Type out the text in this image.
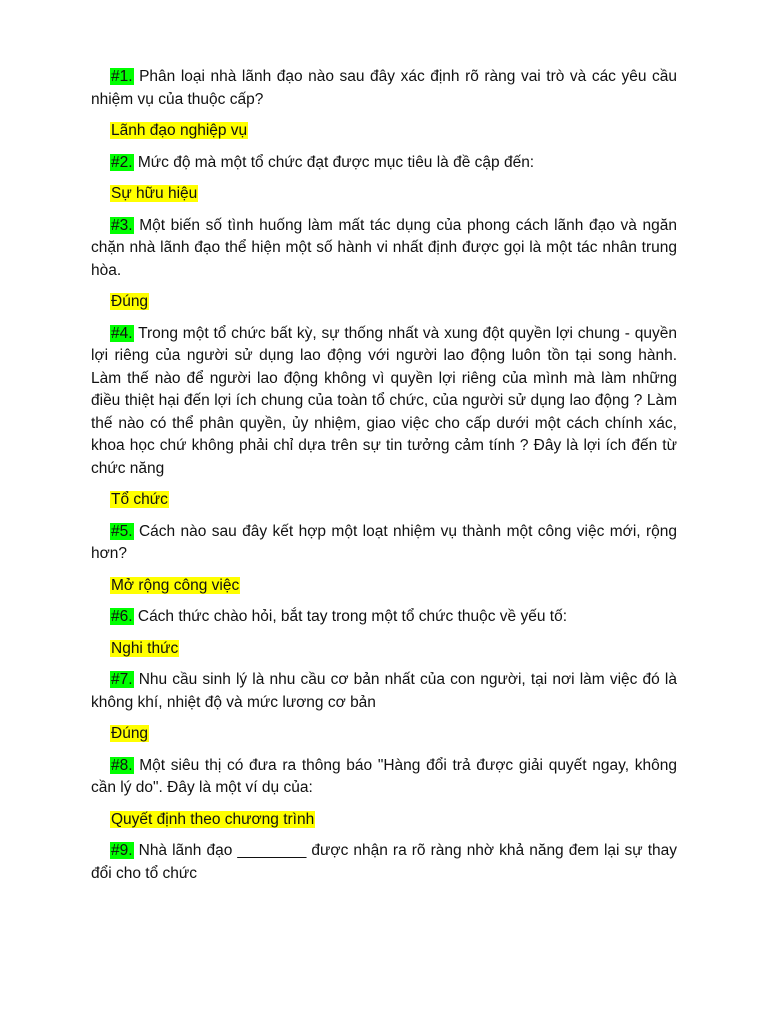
#1. Phân loại nhà lãnh đạo nào sau đây xác định rõ ràng vai trò và các yêu cầu nhiệm vụ của thuộc cấp?

Lãnh đạo nghiệp vụ

#2. Mức độ mà một tổ chức đạt được mục tiêu là đề cập đến:

Sự hữu hiệu

#3. Một biến số tình huống làm mất tác dụng của phong cách lãnh đạo và ngăn chặn nhà lãnh đạo thể hiện một số hành vi nhất định được gọi là một tác nhân trung hòa.

Đúng

#4. Trong một tổ chức bất kỳ, sự thống nhất và xung đột quyền lợi chung - quyền lợi riêng của người sử dụng lao động với người lao động luôn tồn tại song hành. Làm thế nào để người lao động không vì quyền lợi riêng của mình mà làm những điều thiệt hại đến lợi ích chung của toàn tổ chức, của người sử dụng lao động ? Làm thế nào có thể phân quyền, ủy nhiệm, giao việc cho cấp dưới một cách chính xác, khoa học chứ không phải chỉ dựa trên sự tin tưởng cảm tính ? Đây là lợi ích đến từ chức năng

Tổ chức

#5. Cách nào sau đây kết hợp một loạt nhiệm vụ thành một công việc mới, rộng hơn?

Mở rộng công việc

#6. Cách thức chào hỏi, bắt tay trong một tổ chức thuộc về yếu tố:

Nghi thức

#7. Nhu cầu sinh lý là nhu cầu cơ bản nhất của con người, tại nơi làm việc đó là không khí, nhiệt độ và mức lương cơ bản

Đúng

#8. Một siêu thị có đưa ra thông báo "Hàng đổi trả được giải quyết ngay, không cần lý do". Đây là một ví dụ của:

Quyết định theo chương trình

#9. Nhà lãnh đạo ________ được nhận ra rõ ràng nhờ khả năng đem lại sự thay đổi cho tổ chức
